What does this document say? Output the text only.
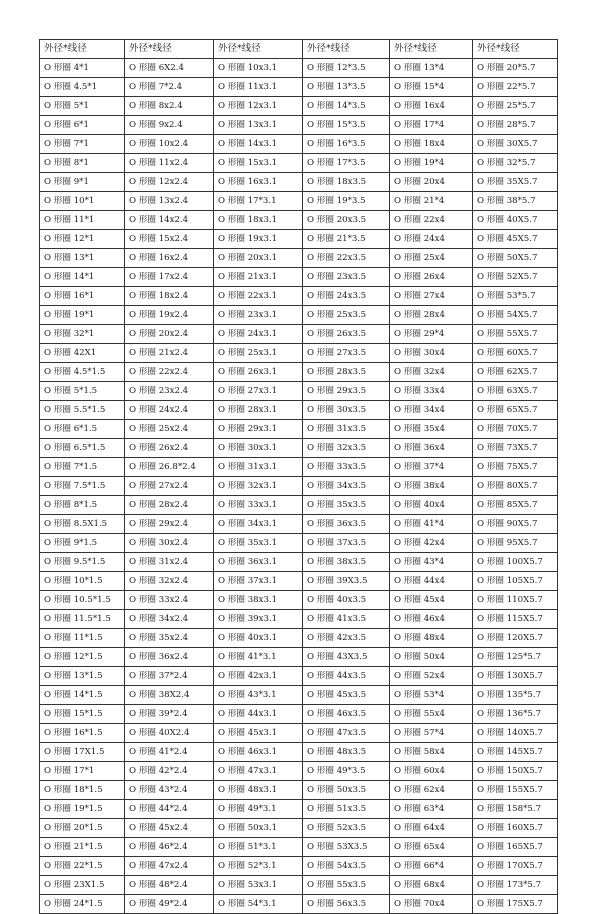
外径*线径	外径*线径	外径*线径	外径*线径	外径*线径	外径*线径
O 形圈 4*1	O 形圈 6X2.4	O 形圈 10x3.1	O 形圈 12*3.5	O 形圈 13*4	O 形圈 20*5.7
O 形圈 4.5*1	O 形圈 7*2.4	O 形圈 11x3.1	O 形圈 13*3.5	O 形圈 15*4	O 形圈 22*5.7
O 形圈 5*1	O 形圈 8x2.4	O 形圈 12x3.1	O 形圈 14*3.5	O 形圈 16x4	O 形圈 25*5.7
O 形圈 6*1	O 形圈 9x2.4	O 形圈 13x3.1	O 形圈 15*3.5	O 形圈 17*4	O 形圈 28*5.7
O 形圈 7*1	O 形圈 10x2.4	O 形圈 14x3.1	O 形圈 16*3.5	O 形圈 18x4	O 形圈 30X5.7
O 形圈 8*1	O 形圈 11x2.4	O 形圈 15x3.1	O 形圈 17*3.5	O 形圈 19*4	O 形圈 32*5.7
O 形圈 9*1	O 形圈 12x2.4	O 形圈 16x3.1	O 形圈 18x3.5	O 形圈 20x4	O 形圈 35X5.7
O 形圈 10*1	O 形圈 13x2.4	O 形圈 17*3.1	O 形圈 19*3.5	O 形圈 21*4	O 形圈 38*5.7
O 形圈 11*1	O 形圈 14x2.4	O 形圈 18x3.1	O 形圈 20x3.5	O 形圈 22x4	O 形圈 40X5.7
O 形圈 12*1	O 形圈 15x2.4	O 形圈 19x3.1	O 形圈 21*3.5	O 形圈 24x4	O 形圈 45X5.7
O 形圈 13*1	O 形圈 16x2.4	O 形圈 20x3.1	O 形圈 22x3.5	O 形圈 25x4	O 形圈 50X5.7
O 形圈 14*1	O 形圈 17x2.4	O 形圈 21x3.1	O 形圈 23x3.5	O 形圈 26x4	O 形圈 52X5.7
O 形圈 16*1	O 形圈 18x2.4	O 形圈 22x3.1	O 形圈 24x3.5	O 形圈 27x4	O 形圈 53*5.7
O 形圈 19*1	O 形圈 19x2.4	O 形圈 23x3.1	O 形圈 25x3.5	O 形圈 28x4	O 形圈 54X5.7
O 形圈 32*1	O 形圈 20x2.4	O 形圈 24x3.1	O 形圈 26x3.5	O 形圈 29*4	O 形圈 55X5.7
O 形圈 42X1	O 形圈 21x2.4	O 形圈 25x3.1	O 形圈 27x3.5	O 形圈 30x4	O 形圈 60X5.7
O 形圈 4.5*1.5	O 形圈 22x2.4	O 形圈 26x3.1	O 形圈 28x3.5	O 形圈 32x4	O 形圈 62X5.7
O 形圈 5*1.5	O 形圈 23x2.4	O 形圈 27x3.1	O 形圈 29x3.5	O 形圈 33x4	O 形圈 63X5.7
O 形圈 5.5*1.5	O 形圈 24x2.4	O 形圈 28x3.1	O 形圈 30x3.5	O 形圈 34x4	O 形圈 65X5.7
O 形圈 6*1.5	O 形圈 25x2.4	O 形圈 29x3.1	O 形圈 31x3.5	O 形圈 35x4	O 形圈 70X5.7
O 形圈 6.5*1.5	O 形圈 26x2.4	O 形圈 30x3.1	O 形圈 32x3.5	O 形圈 36x4	O 形圈 73X5.7
O 形圈 7*1.5	O 形圈 26.8*2.4	O 形圈 31x3.1	O 形圈 33x3.5	O 形圈 37*4	O 形圈 75X5.7
O 形圈 7.5*1.5	O 形圈 27x2.4	O 形圈 32x3.1	O 形圈 34x3.5	O 形圈 38x4	O 形圈 80X5.7
O 形圈 8*1.5	O 形圈 28x2.4	O 形圈 33x3.1	O 形圈 35x3.5	O 形圈 40x4	O 形圈 85X5.7
O 形圈 8.5X1.5	O 形圈 29x2.4	O 形圈 34x3.1	O 形圈 36x3.5	O 形圈 41*4	O 形圈 90X5.7
O 形圈 9*1.5	O 形圈 30x2.4	O 形圈 35x3.1	O 形圈 37x3.5	O 形圈 42x4	O 形圈 95X5.7
O 形圈 9.5*1.5	O 形圈 31x2.4	O 形圈 36x3.1	O 形圈 38x3.5	O 形圈 43*4	O 形圈 100X5.7
O 形圈 10*1.5	O 形圈 32x2.4	O 形圈 37x3.1	O 形圈 39X3.5	O 形圈 44x4	O 形圈 105X5.7
O 形圈 10.5*1.5	O 形圈 33x2.4	O 形圈 38x3.1	O 形圈 40x3.5	O 形圈 45x4	O 形圈 110X5.7
O 形圈 11.5*1.5	O 形圈 34x2.4	O 形圈 39x3.1	O 形圈 41x3.5	O 形圈 46x4	O 形圈 115X5.7
O 形圈 11*1.5	O 形圈 35x2.4	O 形圈 40x3.1	O 形圈 42x3.5	O 形圈 48x4	O 形圈 120X5.7
O 形圈 12*1.5	O 形圈 36x2.4	O 形圈 41*3.1	O 形圈 43X3.5	O 形圈 50x4	O 形圈 125*5.7
O 形圈 13*1.5	O 形圈 37*2.4	O 形圈 42x3.1	O 形圈 44x3.5	O 形圈 52x4	O 形圈 130X5.7
O 形圈 14*1.5	O 形圈 38X2.4	O 形圈 43*3.1	O 形圈 45x3.5	O 形圈 53*4	O 形圈 135*5.7
O 形圈 15*1.5	O 形圈 39*2.4	O 形圈 44x3.1	O 形圈 46x3.5	O 形圈 55x4	O 形圈 136*5.7
O 形圈 16*1.5	O 形圈 40X2.4	O 形圈 45x3.1	O 形圈 47x3.5	O 形圈 57*4	O 形圈 140X5.7
O 形圈 17X1.5	O 形圈 41*2.4	O 形圈 46x3.1	O 形圈 48x3.5	O 形圈 58x4	O 形圈 145X5.7
O 形圈 17*1	O 形圈 42*2.4	O 形圈 47x3.1	O 形圈 49*3.5	O 形圈 60x4	O 形圈 150X5.7
O 形圈 18*1.5	O 形圈 43*2.4	O 形圈 48x3.1	O 形圈 50x3.5	O 形圈 62x4	O 形圈 155X5.7
O 形圈 19*1.5	O 形圈 44*2.4	O 形圈 49*3.1	O 形圈 51x3.5	O 形圈 63*4	O 形圈 158*5.7
O 形圈 20*1.5	O 形圈 45x2.4	O 形圈 50x3.1	O 形圈 52x3.5	O 形圈 64x4	O 形圈 160X5.7
O 形圈 21*1.5	O 形圈 46*2.4	O 形圈 51*3.1	O 形圈 53X3.5	O 形圈 65x4	O 形圈 165X5.7
O 形圈 22*1.5	O 形圈 47x2.4	O 形圈 52*3.1	O 形圈 54x3.5	O 形圈 66*4	O 形圈 170X5.7
O 形圈 23X1.5	O 形圈 48*2.4	O 形圈 53x3.1	O 形圈 55x3.5	O 形圈 68x4	O 形圈 173*5.7
O 形圈 24*1.5	O 形圈 49*2.4	O 形圈 54*3.1	O 形圈 56x3.5	O 形圈 70x4	O 形圈 175X5.7
